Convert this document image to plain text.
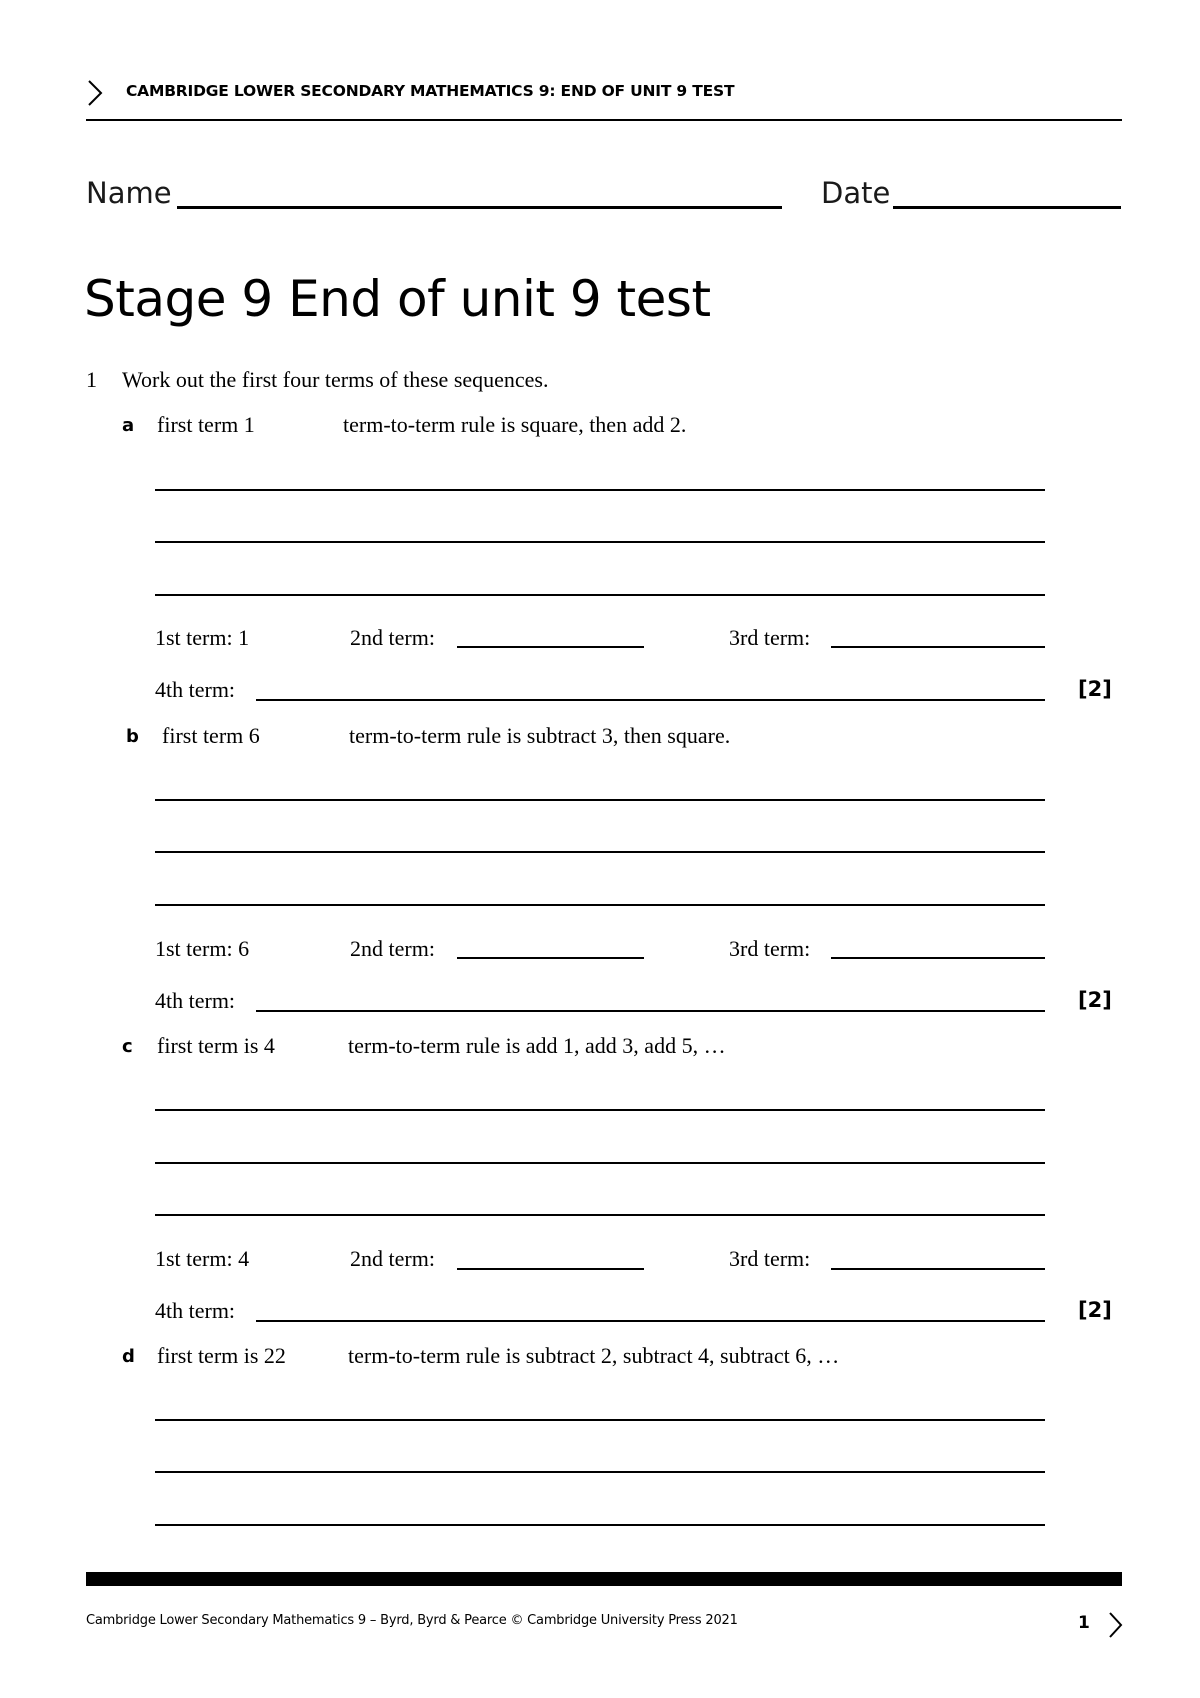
CAMBRIDGE LOWER SECONDARY MATHEMATICS 9: END OF UNIT 9 TEST
Name	Date
Stage 9 End of unit 9 test
1 Work out the first four terms of these sequences.
a first term 1	term-to-term rule is square, then add 2.
1st term: 1	2nd term:	3rd term:
4th term:	[2]
b first term 6	term-to-term rule is subtract 3, then square.
1st term: 6	2nd term:	3rd term:
4th term:	[2]
c first term is 4	term-to-term rule is add 1, add 3, add 5, …
1st term: 4	2nd term:	3rd term:
4th term:	[2]
d first term is 22	term-to-term rule is subtract 2, subtract 4, subtract 6, …
Cambridge Lower Secondary Mathematics 9 – Byrd, Byrd & Pearce © Cambridge University Press 2021	1
